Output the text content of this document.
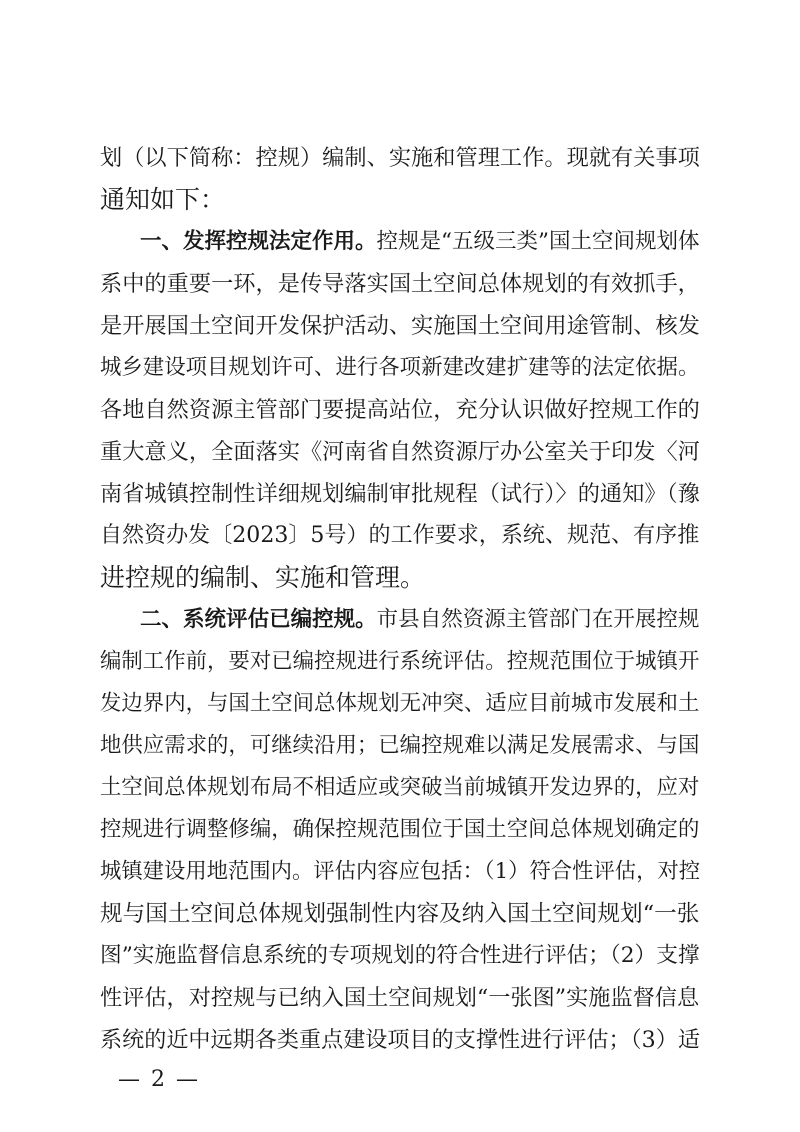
划（以下简称：控规）编制、实施和管理工作。现就有关事项
通知如下：
一、发挥控规法定作用。控规是“五级三类”国土空间规划体
系中的重要一环，是传导落实国土空间总体规划的有效抓手，
是开展国土空间开发保护活动、实施国土空间用途管制、核发
城乡建设项目规划许可、进行各项新建改建扩建等的法定依据。
各地自然资源主管部门要提高站位，充分认识做好控规工作的
重大意义，全面落实《河南省自然资源厅办公室关于印发〈河
南省城镇控制性详细规划编制审批规程（试行）〉的通知》（豫
自然资办发〔2023〕5号）的工作要求，系统、规范、有序推
进控规的编制、实施和管理。
二、系统评估已编控规。市县自然资源主管部门在开展控规
编制工作前，要对已编控规进行系统评估。控规范围位于城镇开
发边界内，与国土空间总体规划无冲突、适应目前城市发展和土
地供应需求的，可继续沿用；已编控规难以满足发展需求、与国
土空间总体规划布局不相适应或突破当前城镇开发边界的，应对
控规进行调整修编，确保控规范围位于国土空间总体规划确定的
城镇建设用地范围内。评估内容应包括：（1）符合性评估，对控
规与国土空间总体规划强制性内容及纳入国土空间规划“一张
图”实施监督信息系统的专项规划的符合性进行评估；（2）支撑
性评估，对控规与已纳入国土空间规划“一张图”实施监督信息
系统的近中远期各类重点建设项目的支撑性进行评估；（3）适
— 2 —
